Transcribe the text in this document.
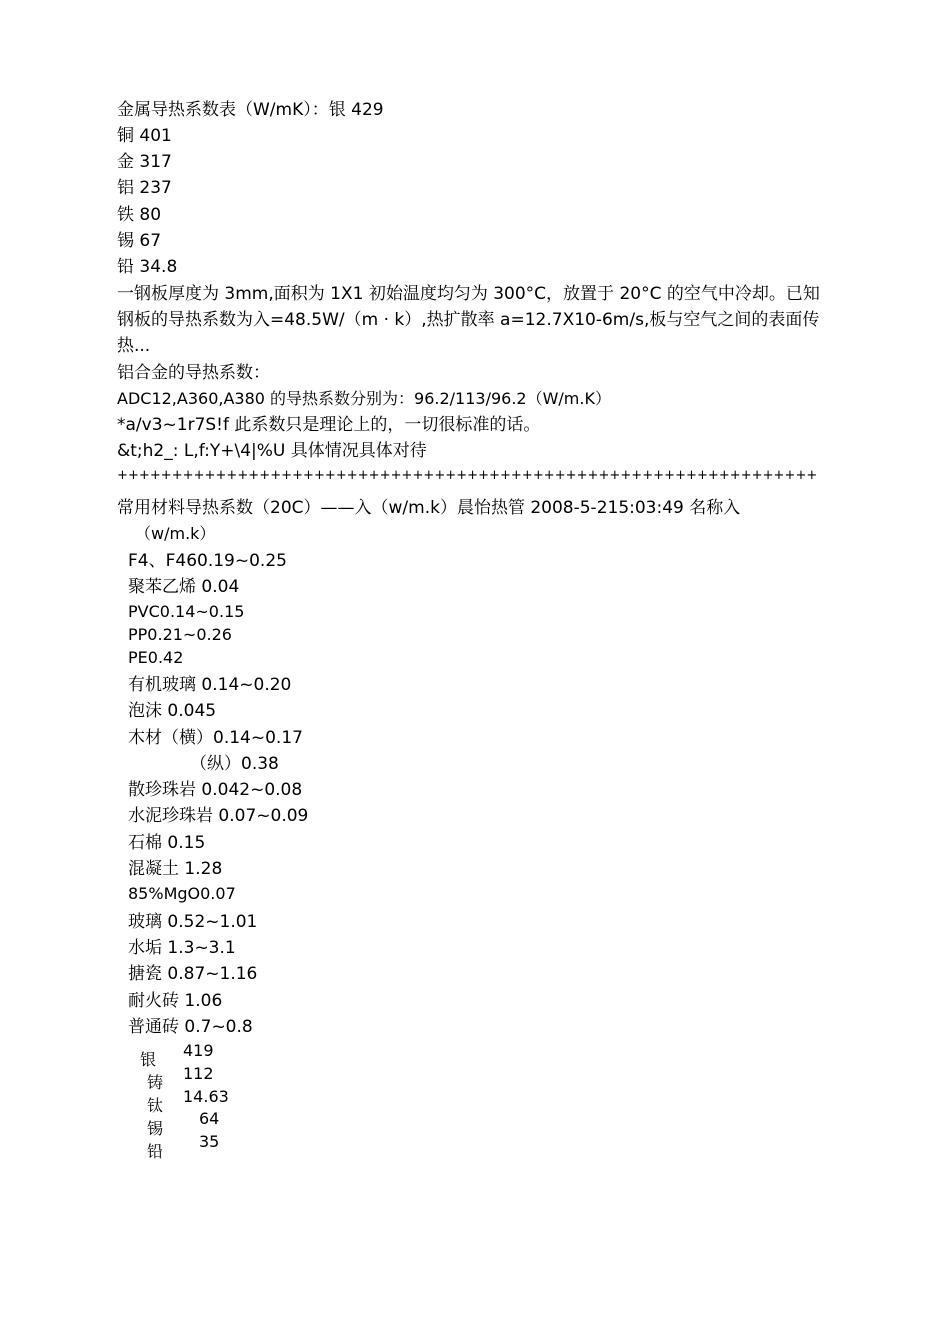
金属导热系数表（W/mK）：银 429
铜 401
金 317
铝 237
铁 80
锡 67
铅 34.8
一钢板厚度为 3mm,面积为 1X1 初始温度均匀为 300°C，放置于 20°C 的空气中冷却。已知钢板的导热系数为入=48.5W/（m · k）,热扩散率 a=12.7X10-6m/s,板与空气之间的表面传热...
铝合金的导热系数：
ADC12,A360,A380 的导热系数分别为：96.2/113/96.2（W/m.K）
*a/v3~1r7S!f 此系数只是理论上的，一切很标准的话。
&t;h2_: L,f:Y+\4|%U 具体情况具体对待
++++++++++++++++++++++++++++++++++++++++++++++++++++++++++++++++
常用材料导热系数（20C）——入（w/m.k）晨怡热管 2008-5-215:03:49 名称入
（w/m.k）
F4、F460.19~0.25
聚苯乙烯 0.04
PVC0.14~0.15
PP0.21~0.26
PE0.42
有机玻璃 0.14~0.20
泡沫 0.045
木材（横）0.14~0.17
（纵）0.38
散珍珠岩 0.042~0.08
水泥珍珠岩 0.07~0.09
石棉 0.15
混凝土 1.28
85%MgO0.07
玻璃 0.52~1.01
水垢 1.3~3.1
搪瓷 0.87~1.16
耐火砖 1.06
普通砖 0.7~0.8
银
铸
钛
锡
铅
419
112
14.63
64
35
